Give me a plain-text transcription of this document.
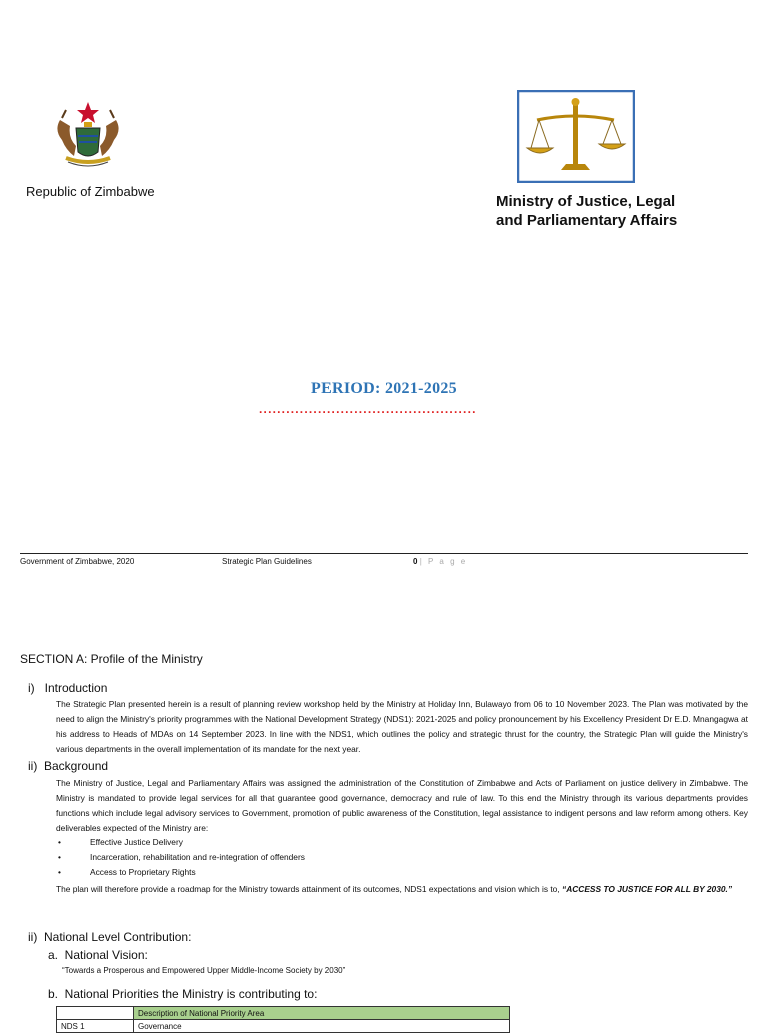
Republic of Zimbabwe
Ministry of Justice, Legal
and Parliamentary Affairs
PERIOD: 2021-2025
................................................
Government of Zimbabwe, 2020	Strategic Plan Guidelines	0 | P a g e
SECTION A: Profile of the Ministry
i)   Introduction
The Strategic Plan presented herein is a result of planning review workshop held by the Ministry at Holiday Inn, Bulawayo from 06 to 10 November 2023. The Plan was motivated by the need to align the Ministry's priority programmes with the National Development Strategy (NDS1): 2021-2025 and policy pronouncement by his Excellency President Dr E.D. Mnangagwa at his address to Heads of MDAs on 14 September 2023. In line with the NDS1, which outlines the policy and strategic thrust for the country, the Strategic Plan will guide the Ministry's various departments in the overall implementation of its mandate for the next year.
ii)  Background
The Ministry of Justice, Legal and Parliamentary Affairs was assigned the administration of the Constitution of Zimbabwe and Acts of Parliament on justice delivery in Zimbabwe. The Ministry is mandated to provide legal services for all that guarantee good governance, democracy and rule of law. To this end the Ministry through its various departments provides functions which include legal advisory services to Government, promotion of public awareness of the Constitution, legal assistance to indigent persons and law reform among others. Key deliverables expected of the Ministry are:
•	Effective Justice Delivery
•	Incarceration, rehabilitation and re-integration of offenders
•	Access to Proprietary Rights
The plan will therefore provide a roadmap for the Ministry towards attainment of its outcomes, NDS1 expectations and vision which is to, “ACCESS TO JUSTICE FOR ALL BY 2030.”
ii)  National Level Contribution:
a.  National Vision:
“Towards a Prosperous and Empowered Upper Middle-Income Society by 2030”
b.  National Priorities the Ministry is contributing to:
	Description of National Priority Area
NDS 1	Governance
